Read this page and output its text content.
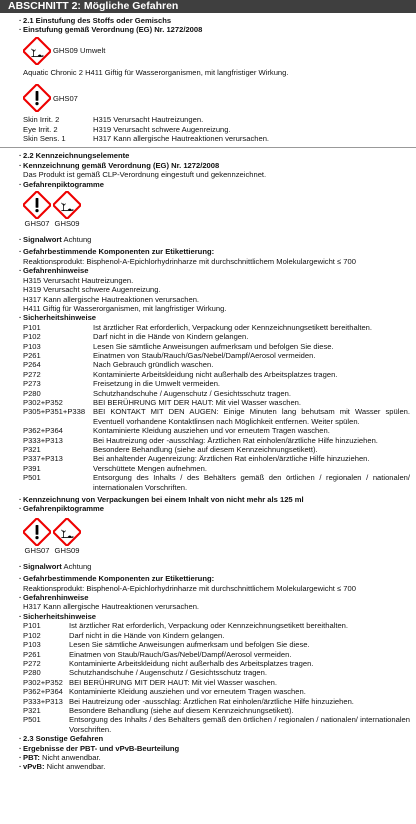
ABSCHNITT 2: Mögliche Gefahren
· 2.1 Einstufung des Stoffs oder Gemischs
· Einstufung gemäß Verordnung (EG) Nr. 1272/2008
GHS09 Umwelt
Aquatic Chronic 2 H411 Giftig für Wasserorganismen, mit langfristiger Wirkung.
GHS07
Skin Irrit. 2	H315 Verursacht Hautreizungen.
Eye Irrit. 2	H319 Verursacht schwere Augenreizung.
Skin Sens. 1	H317 Kann allergische Hautreaktionen verursachen.
· 2.2 Kennzeichnungselemente
· Kennzeichnung gemäß Verordnung (EG) Nr. 1272/2008
Das Produkt ist gemäß CLP-Verordnung eingestuft und gekennzeichnet.
· Gefahrenpiktogramme
GHS07 GHS09
· Signalwort Achtung
· Gefahrbestimmende Komponenten zur Etikettierung:
Reaktionsprodukt: Bisphenol-A-Epichlorhydrinharze mit durchschnittlichem Molekulargewicht ≤ 700
· Gefahrenhinweise
H315 Verursacht Hautreizungen.
H319 Verursacht schwere Augenreizung.
H317 Kann allergische Hautreaktionen verursachen.
H411 Giftig für Wasserorganismen, mit langfristiger Wirkung.
· Sicherheitshinweise
P101	Ist ärztlicher Rat erforderlich, Verpackung oder Kennzeichnungsetikett bereithalten.
P102	Darf nicht in die Hände von Kindern gelangen.
P103	Lesen Sie sämtliche Anweisungen aufmerksam und befolgen Sie diese.
P261	Einatmen von Staub/Rauch/Gas/Nebel/Dampf/Aerosol vermeiden.
P264	Nach Gebrauch gründlich waschen.
P272	Kontaminierte Arbeitskleidung nicht außerhalb des Arbeitsplatzes tragen.
P273	Freisetzung in die Umwelt vermeiden.
P280	Schutzhandschuhe / Augenschutz / Gesichtsschutz tragen.
P302+P352	BEI BERÜHRUNG MIT DER HAUT: Mit viel Wasser waschen.
P305+P351+P338	BEI KONTAKT MIT DEN AUGEN: Einige Minuten lang behutsam mit Wasser spülen. Eventuell vorhandene Kontaktlinsen nach Möglichkeit entfernen. Weiter spülen.
P362+P364	Kontaminierte Kleidung ausziehen und vor erneutem Tragen waschen.
P333+P313	Bei Hautreizung oder -ausschlag: Ärztlichen Rat einholen/ärztliche Hilfe hinzuziehen.
P321	Besondere Behandlung (siehe auf diesem Kennzeichnungsetikett).
P337+P313	Bei anhaltender Augenreizung: Ärztlichen Rat einholen/ärztliche Hilfe hinzuziehen.
P391	Verschüttete Mengen aufnehmen.
P501	Entsorgung des Inhalts / des Behälters gemäß den örtlichen / regionalen / nationalen/ internationalen Vorschriften.
· Kennzeichnung von Verpackungen bei einem Inhalt von nicht mehr als 125 ml
· Gefahrenpiktogramme
GHS07 GHS09
· Signalwort Achtung
· Gefahrbestimmende Komponenten zur Etikettierung:
Reaktionsprodukt: Bisphenol-A-Epichlorhydrinharze mit durchschnittlichem Molekulargewicht ≤ 700
· Gefahrenhinweise
H317 Kann allergische Hautreaktionen verursachen.
· Sicherheitshinweise
P101	Ist ärztlicher Rat erforderlich, Verpackung oder Kennzeichnungsetikett bereithalten.
P102	Darf nicht in die Hände von Kindern gelangen.
P103	Lesen Sie sämtliche Anweisungen aufmerksam und befolgen Sie diese.
P261	Einatmen von Staub/Rauch/Gas/Nebel/Dampf/Aerosol vermeiden.
P272	Kontaminierte Arbeitskleidung nicht außerhalb des Arbeitsplatzes tragen.
P280	Schutzhandschuhe / Augenschutz / Gesichtsschutz tragen.
P302+P352 BEI BERÜHRUNG MIT DER HAUT: Mit viel Wasser waschen.
P362+P364 Kontaminierte Kleidung ausziehen und vor erneutem Tragen waschen.
P333+P313 Bei Hautreizung oder -ausschlag: Ärztlichen Rat einholen/ärztliche Hilfe hinzuziehen.
P321	Besondere Behandlung (siehe auf diesem Kennzeichnungsetikett).
P501	Entsorgung des Inhalts / des Behälters gemäß den örtlichen / regionalen / nationalen/ internationalen Vorschriften.
· 2.3 Sonstige Gefahren
· Ergebnisse der PBT- und vPvB-Beurteilung
· PBT: Nicht anwendbar.
· vPvB: Nicht anwendbar.
